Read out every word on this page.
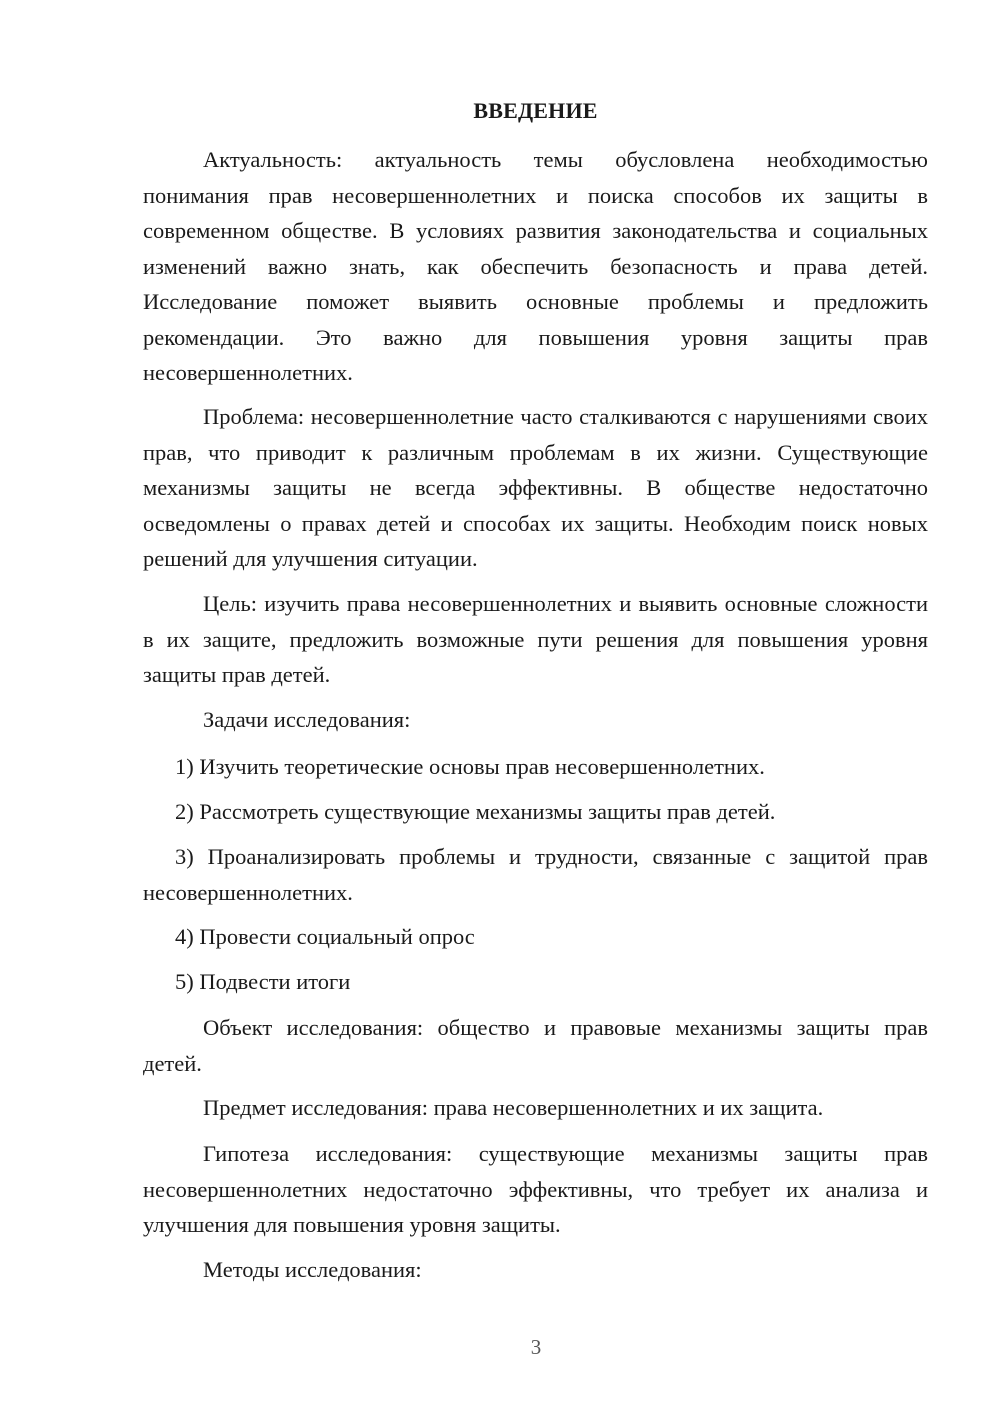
ВВЕДЕНИЕ

Актуальность: актуальность темы обусловлена необходимостью понимания прав несовершеннолетних и поиска способов их защиты в современном обществе. В условиях развития законодательства и социальных изменений важно знать, как обеспечить безопасность и права детей. Исследование поможет выявить основные проблемы и предложить рекомендации. Это важно для повышения уровня защиты прав несовершеннолетних.

Проблема: несовершеннолетние часто сталкиваются с нарушениями своих прав, что приводит к различным проблемам в их жизни. Существующие механизмы защиты не всегда эффективны. В обществе недостаточно осведомлены о правах детей и способах их защиты. Необходим поиск новых решений для улучшения ситуации.

Цель: изучить права несовершеннолетних и выявить основные сложности в их защите, предложить возможные пути решения для повышения уровня защиты прав детей.

Задачи исследования:

1) Изучить теоретические основы прав несовершеннолетних.

2) Рассмотреть существующие механизмы защиты прав детей.

3) Проанализировать проблемы и трудности, связанные с защитой прав несовершеннолетних.

4) Провести социальный опрос

5) Подвести итоги

Объект исследования: общество и правовые механизмы защиты прав детей.

Предмет исследования: права несовершеннолетних и их защита.

Гипотеза исследования: существующие механизмы защиты прав несовершеннолетних недостаточно эффективны, что требует их анализа и улучшения для повышения уровня защиты.

Методы исследования:

3
